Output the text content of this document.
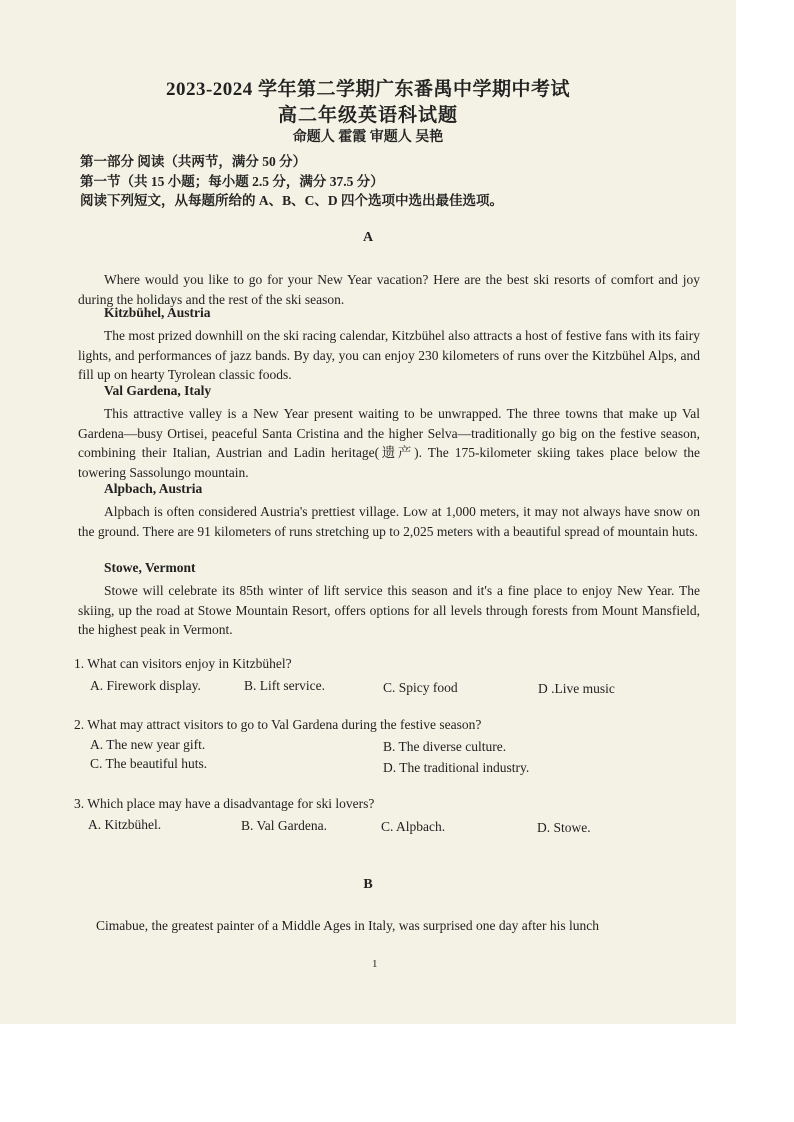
2023-2024 学年第二学期广东番禺中学期中考试
高二年级英语科试题
命题人 霍霞 审题人 吴艳
第一部分 阅读（共两节，满分 50 分）
第一节（共 15 小题；每小题 2.5 分，满分 37.5 分）
阅读下列短文，从每题所给的 A、B、C、D 四个选项中选出最佳选项。
A

Where would you like to go for your New Year vacation? Here are the best ski resorts of comfort and joy during the holidays and the rest of the ski season.

Kitzbühel, Austria

The most prized downhill on the ski racing calendar, Kitzbühel also attracts a host of festive fans with its fairy lights, and performances of jazz bands. By day, you can enjoy 230 kilometers of runs over the Kitzbühel Alps, and fill up on hearty Tyrolean classic foods.

Val Gardena, Italy

This attractive valley is a New Year present waiting to be unwrapped. The three towns that make up Val Gardena—busy Ortisei, peaceful Santa Cristina and the higher Selva—traditionally go big on the festive season, combining their Italian, Austrian and Ladin heritage(遗产). The 175-kilometer skiing takes place below the towering Sassolungo mountain.

Alpbach, Austria

Alpbach is often considered Austria's prettiest village. Low at 1,000 meters, it may not always have snow on the ground. There are 91 kilometers of runs stretching up to 2,025 meters with a beautiful spread of mountain huts.

Stowe, Vermont

Stowe will celebrate its 85th winter of lift service this season and it's a fine place to enjoy New Year. The skiing, up the road at Stowe Mountain Resort, offers options for all levels through forests from Mount Mansfield, the highest peak in Vermont.

1. What can visitors enjoy in Kitzbühel?
A. Firework display.	B. Lift service.	C. Spicy food	D .Live music
2. What may attract visitors to go to Val Gardena during the festive season?
A. The new year gift.	B. The diverse culture.
C. The beautiful huts.	D. The traditional industry.
3. Which place may have a disadvantage for ski lovers?
A. Kitzbühel.	B. Val Gardena.	C. Alpbach.	D. Stowe.
B
Cimabue, the greatest painter of a Middle Ages in Italy, was surprised one day after his lunch
1
